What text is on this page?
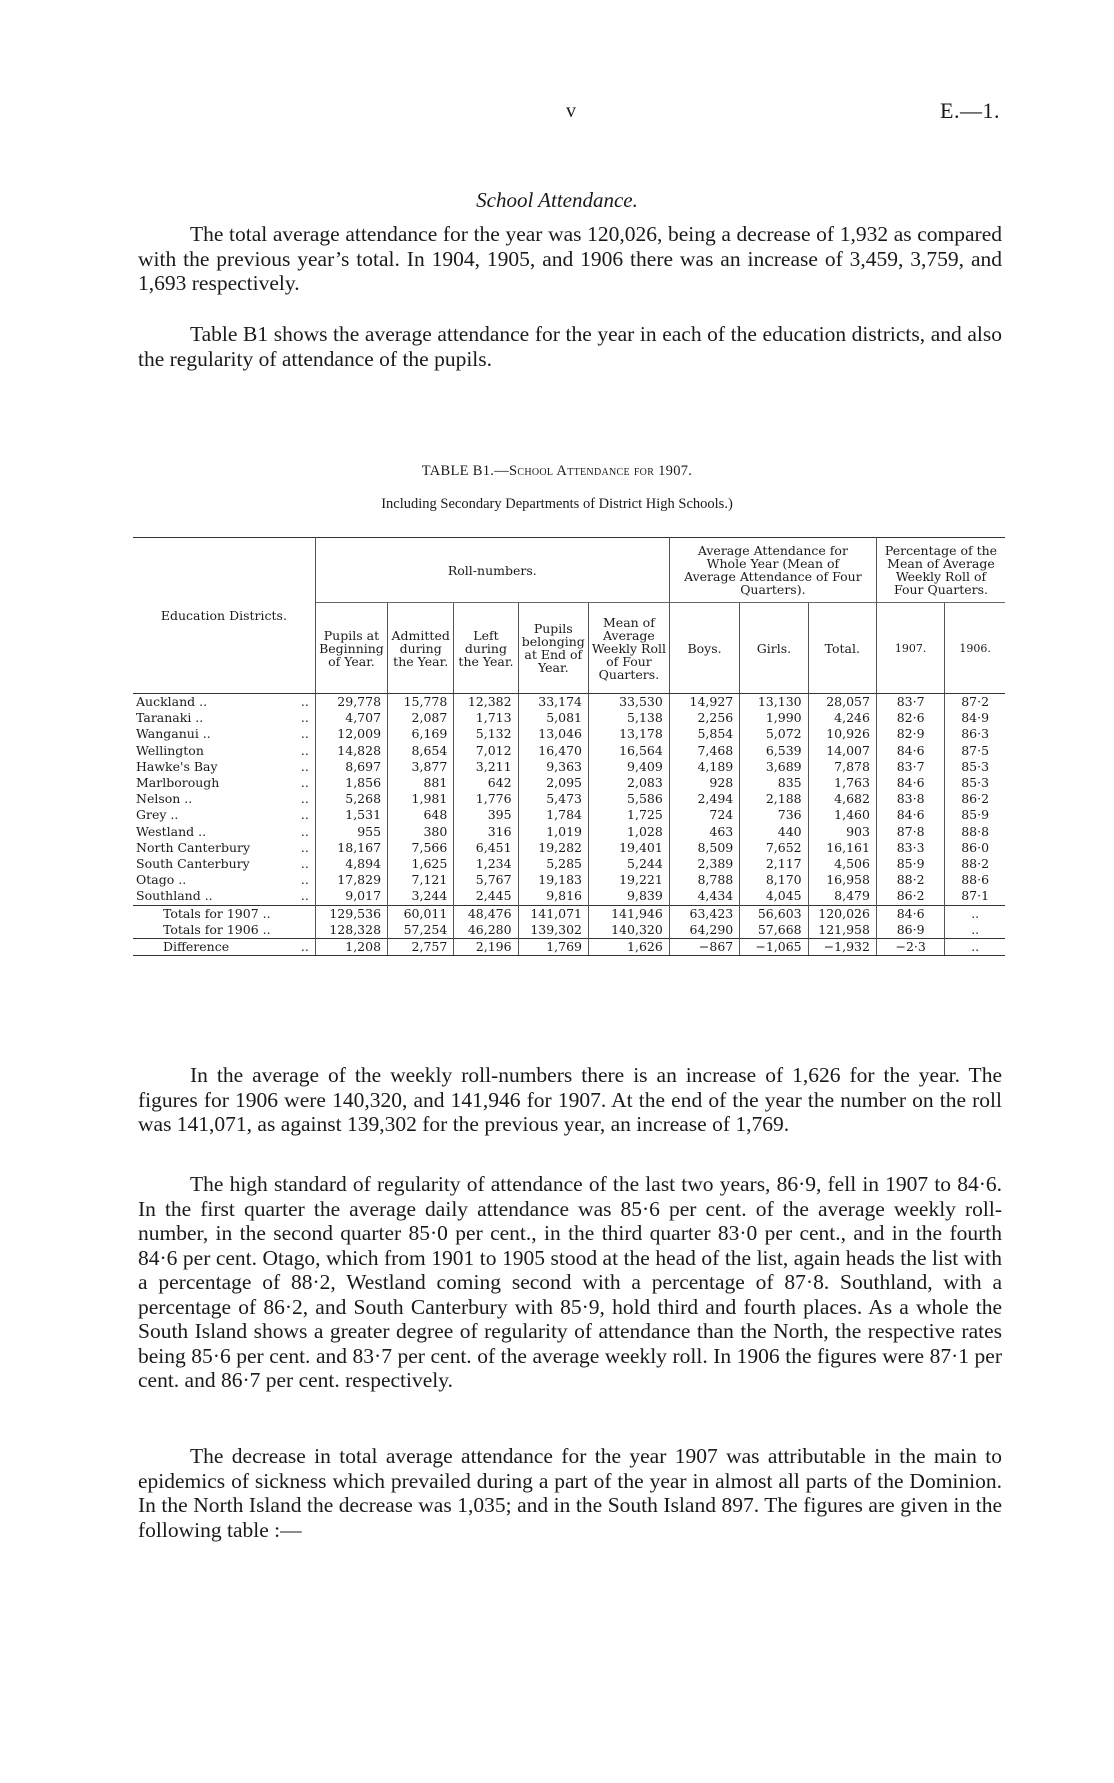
v	E.—1.
School Attendance.

The total average attendance for the year was 120,026, being a decrease of 1,932 as compared with the previous year’s total. In 1904, 1905, and 1906 there was an increase of 3,459, 3,759, and 1,693 respectively.

Table B1 shows the average attendance for the year in each of the education districts, and also the regularity of attendance of the pupils.

TABLE B1.—School Attendance for 1907.
Including Secondary Departments of District High Schools.)
Education Districts.	Roll-numbers.					Average Attendance for Whole Year (Mean of Average Attendance of Four Quarters).			Percentage of the Mean of Average Weekly Roll of Four Quarters.	
	Pupils at Beginning of Year.	Admitted during the Year.	Left during the Year.	Pupils belonging at End of Year.	Mean of Average Weekly Roll of Four Quarters.	Boys.	Girls.	Total.		
									1907.	1906.
Auckland .. ..	29,778	15,778	12,382	33,174	33,530	14,927	13,130	28,057	83·7	87·2
Taranaki .. ..	4,707	2,087	1,713	5,081	5,138	2,256	1,990	4,246	82·6	84·9
Wanganui .. ..	12,009	6,169	5,132	13,046	13,178	5,854	5,072	10,926	82·9	86·3
Wellington ..	14,828	8,654	7,012	16,470	16,564	7,468	6,539	14,007	84·6	87·5
Hawke's Bay ..	8,697	3,877	3,211	9,363	9,409	4,189	3,689	7,878	83·7	85·3
Marlborough ..	1,856	881	642	2,095	2,083	928	835	1,763	84·6	85·3
Nelson .. ..	5,268	1,981	1,776	5,473	5,586	2,494	2,188	4,682	83·8	86·2
Grey .. ..	1,531	648	395	1,784	1,725	724	736	1,460	84·6	85·9
Westland .. ..	955	380	316	1,019	1,028	463	440	903	87·8	88·8
North Canterbury ..	18,167	7,566	6,451	19,282	19,401	8,509	7,652	16,161	83·3	86·0
South Canterbury ..	4,894	1,625	1,234	5,285	5,244	2,389	2,117	4,506	85·9	88·2
Otago .. ..	17,829	7,121	5,767	19,183	19,221	8,788	8,170	16,958	88·2	88·6
Southland .. ..	9,017	3,244	2,445	9,816	9,839	4,434	4,045	8,479	86·2	87·1
Totals for 1907 ..	129,536	60,011	48,476	141,071	141,946	63,423	56,603	120,026	84·6	..
Totals for 1906 ..	128,328	57,254	46,280	139,302	140,320	64,290	57,668	121,958	86·9	..
Difference ..	1,208	2,757	2,196	1,769	1,626	−867	−1,065	−1,932	−2·3	..

In the average of the weekly roll-numbers there is an increase of 1,626 for the year. The figures for 1906 were 140,320, and 141,946 for 1907. At the end of the year the number on the roll was 141,071, as against 139,302 for the previous year, an increase of 1,769.

The high standard of regularity of attendance of the last two years, 86·9, fell in 1907 to 84·6. In the first quarter the average daily attendance was 85·6 per cent. of the average weekly roll-number, in the second quarter 85·0 per cent., in the third quarter 83·0 per cent., and in the fourth 84·6 per cent. Otago, which from 1901 to 1905 stood at the head of the list, again heads the list with a percentage of 88·2, Westland coming second with a percentage of 87·8. Southland, with a percentage of 86·2, and South Canterbury with 85·9, hold third and fourth places. As a whole the South Island shows a greater degree of regularity of attendance than the North, the respective rates being 85·6 per cent. and 83·7 per cent. of the average weekly roll. In 1906 the figures were 87·1 per cent. and 86·7 per cent. respectively.

The decrease in total average attendance for the year 1907 was attributable in the main to epidemics of sickness which prevailed during a part of the year in almost all parts of the Dominion. In the North Island the decrease was 1,035; and in the South Island 897. The figures are given in the following table :—
